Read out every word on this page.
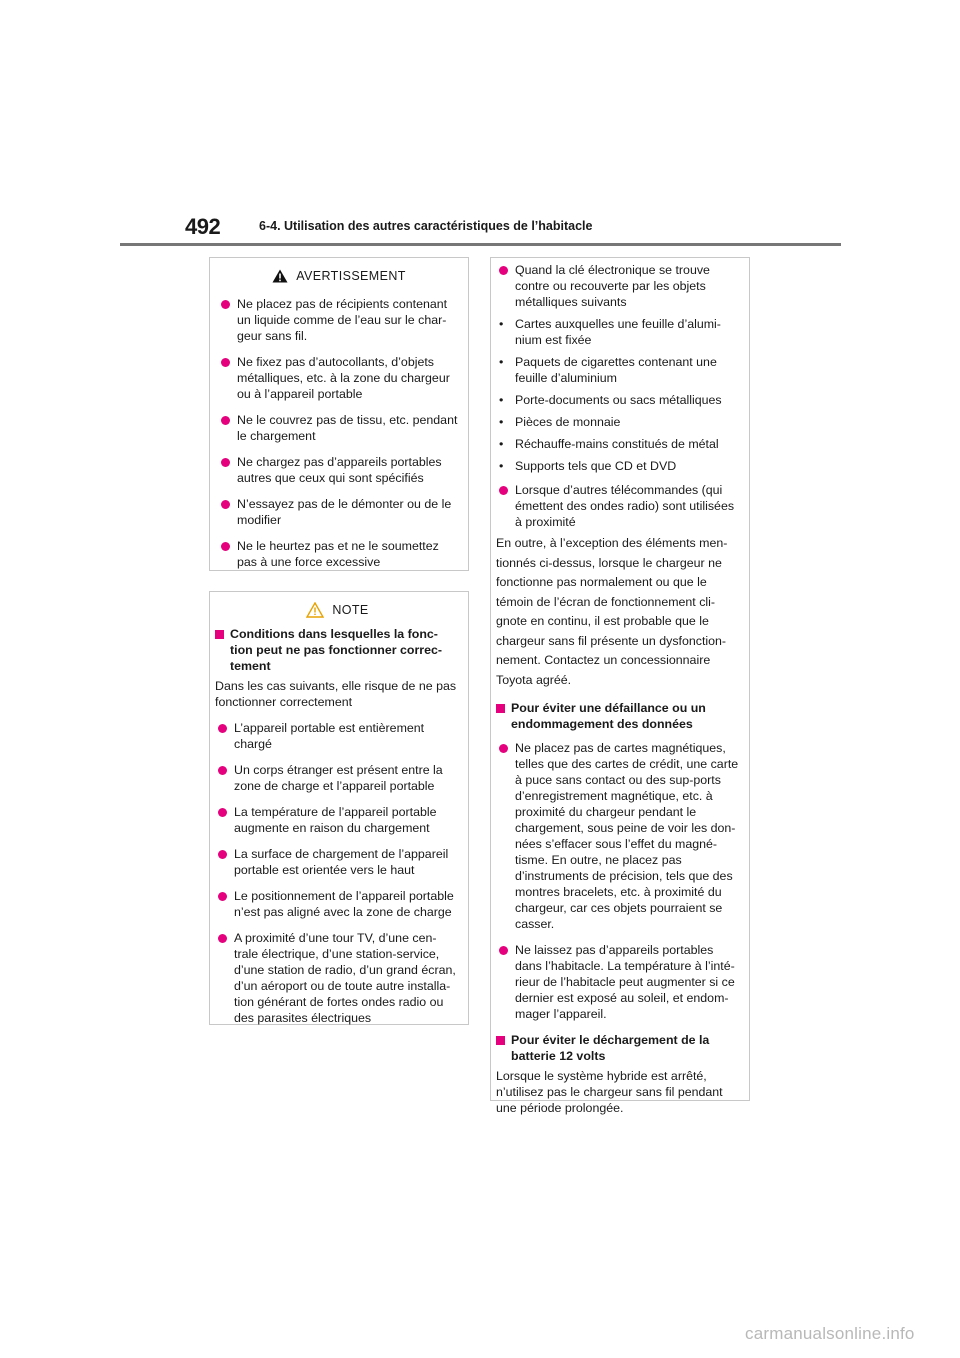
492	6-4. Utilisation des autres caractéristiques de l’habitacle
AVERTISSEMENT
Ne placez pas de récipients contenant un liquide comme de l’eau sur le char-geur sans fil.
Ne fixez pas d’autocollants, d’objets métalliques, etc. à la zone du chargeur ou à l’appareil portable
Ne le couvrez pas de tissu, etc. pendant le chargement
Ne chargez pas d’appareils portables autres que ceux qui sont spécifiés
N’essayez pas de le démonter ou de le modifier
Ne le heurtez pas et ne le soumettez pas à une force excessive
NOTE
Conditions dans lesquelles la fonc-tion peut ne pas fonctionner correc-tement
Dans les cas suivants, elle risque de ne pas fonctionner correctement
L’appareil portable est entièrement chargé
Un corps étranger est présent entre la zone de charge et l’appareil portable
La température de l’appareil portable augmente en raison du chargement
La surface de chargement de l’appareil portable est orientée vers le haut
Le positionnement de l’appareil portable n’est pas aligné avec la zone de charge
A proximité d’une tour TV, d’une cen-trale électrique, d’une station-service, d’une station de radio, d’un grand écran, d’un aéroport ou de toute autre installa-tion générant de fortes ondes radio ou des parasites électriques
Quand la clé électronique se trouve contre ou recouverte par les objets métalliques suivants
• Cartes auxquelles une feuille d’alumi-nium est fixée
• Paquets de cigarettes contenant une feuille d’aluminium
• Porte-documents ou sacs métalliques
• Pièces de monnaie
• Réchauffe-mains constitués de métal
• Supports tels que CD et DVD
Lorsque d’autres télécommandes (qui émettent des ondes radio) sont utilisées à proximité
En outre, à l’exception des éléments men-tionnés ci-dessus, lorsque le chargeur ne fonctionne pas normalement ou que le témoin de l’écran de fonctionnement cli-gnote en continu, il est probable que le chargeur sans fil présente un dysfonction-nement. Contactez un concessionnaire Toyota agréé.
Pour éviter une défaillance ou un endommagement des données
Ne placez pas de cartes magnétiques, telles que des cartes de crédit, une carte à puce sans contact ou des sup-ports d’enregistrement magnétique, etc. à proximité du chargeur pendant le chargement, sous peine de voir les don-nées s’effacer sous l’effet du magné-tisme. En outre, ne placez pas d’instruments de précision, tels que des montres bracelets, etc. à proximité du chargeur, car ces objets pourraient se casser.
Ne laissez pas d’appareils portables dans l’habitacle. La température à l’inté-rieur de l’habitacle peut augmenter si ce dernier est exposé au soleil, et endom-mager l’appareil.
Pour éviter le déchargement de la batterie 12 volts
Lorsque le système hybride est arrêté, n’utilisez pas le chargeur sans fil pendant une période prolongée.
carmanualsonline.info
